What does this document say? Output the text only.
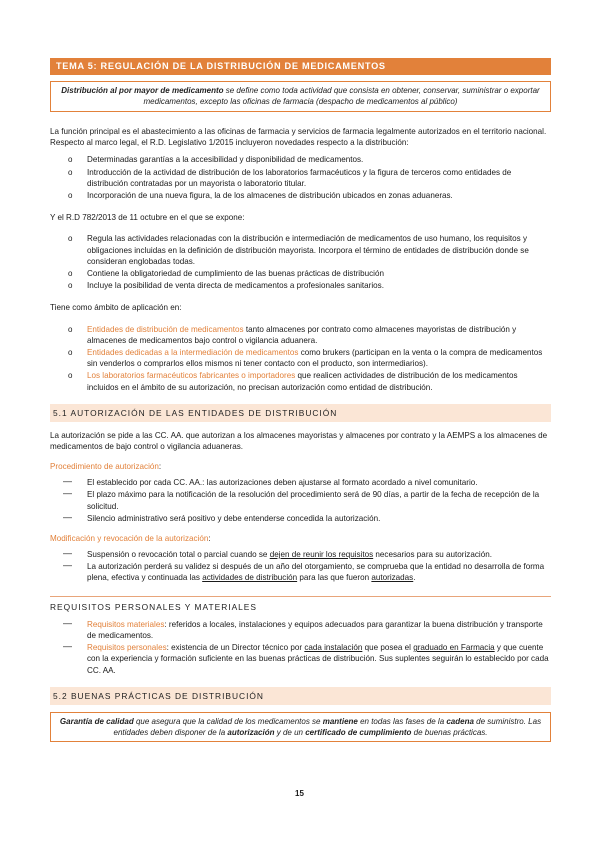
TEMA 5: REGULACIÓN DE LA DISTRIBUCIÓN DE MEDICAMENTOS
Distribución al por mayor de medicamento se define como toda actividad que consista en obtener, conservar, suministrar o exportar medicamentos, excepto las oficinas de farmacia (despacho de medicamentos al público)

La función principal es el abastecimiento a las oficinas de farmacia y servicios de farmacia legalmente autorizados en el territorio nacional. Respecto al marco legal, el R.D. Legislativo 1/2015 incluyeron novedades respecto a la distribución:

o Determinadas garantías a la accesibilidad y disponibilidad de medicamentos.
o Introducción de la actividad de distribución de los laboratorios farmacéuticos y la figura de terceros como entidades de distribución contratadas por un mayorista o laboratorio titular.
o Incorporación de una nueva figura, la de los almacenes de distribución ubicados en zonas aduaneras.

Y el R.D 782/2013 de 11 octubre en el que se expone:

o Regula las actividades relacionadas con la distribución e intermediación de medicamentos de uso humano, los requisitos y obligaciones incluidas en la definición de distribución mayorista. Incorpora el término de entidades de distribución donde se consideran englobadas todas.
o Contiene la obligatoriedad de cumplimiento de las buenas prácticas de distribución
o Incluye la posibilidad de venta directa de medicamentos a profesionales sanitarios.

Tiene como ámbito de aplicación en:

o Entidades de distribución de medicamentos tanto almacenes por contrato como almacenes mayoristas de distribución y almacenes de medicamentos bajo control o vigilancia aduanera.
o Entidades dedicadas a la intermediación de medicamentos como brukers (participan en la venta o la compra de medicamentos sin venderlos o comprarlos ellos mismos ni tener contacto con el producto, son intermediarios).
o Los laboratorios farmacéuticos fabricantes o importadores que realicen actividades de distribución de los medicamentos incluidos en el ámbito de su autorización, no precisan autorización como entidad de distribución.
5.1 AUTORIZACIÓN DE LAS ENTIDADES DE DISTRIBUCIÓN

La autorización se pide a las CC. AA. que autorizan a los almacenes mayoristas y almacenes por contrato y la AEMPS a los almacenes de medicamentos de bajo control o vigilancia aduaneras.

Procedimiento de autorización:
— El establecido por cada CC. AA.: las autorizaciones deben ajustarse al formato acordado a nivel comunitario.
— El plazo máximo para la notificación de la resolución del procedimiento será de 90 días, a partir de la fecha de recepción de la solicitud.
— Silencio administrativo será positivo y debe entenderse concedida la autorización.
Modificación y revocación de la autorización:
— Suspensión o revocación total o parcial cuando se dejen de reunir los requisitos necesarios para su autorización.
— La autorización perderá su validez si después de un año del otorgamiento, se comprueba que la entidad no desarrolla de forma plena, efectiva y continuada las actividades de distribución para las que fueron autorizadas.
REQUISITOS PERSONALES Y MATERIALES
— Requisitos materiales: referidos a locales, instalaciones y equipos adecuados para garantizar la buena distribución y transporte de medicamentos.
— Requisitos personales: existencia de un Director técnico por cada instalación que posea el graduado en Farmacia y que cuente con la experiencia y formación suficiente en las buenas prácticas de distribución. Sus suplentes seguirán lo establecido por cada CC. AA.
5.2 BUENAS PRÁCTICAS DE DISTRIBUCIÓN
Garantía de calidad que asegura que la calidad de los medicamentos se mantiene en todas las fases de la cadena de suministro. Las entidades deben disponer de la autorización y de un certificado de cumplimiento de buenas prácticas.
15
